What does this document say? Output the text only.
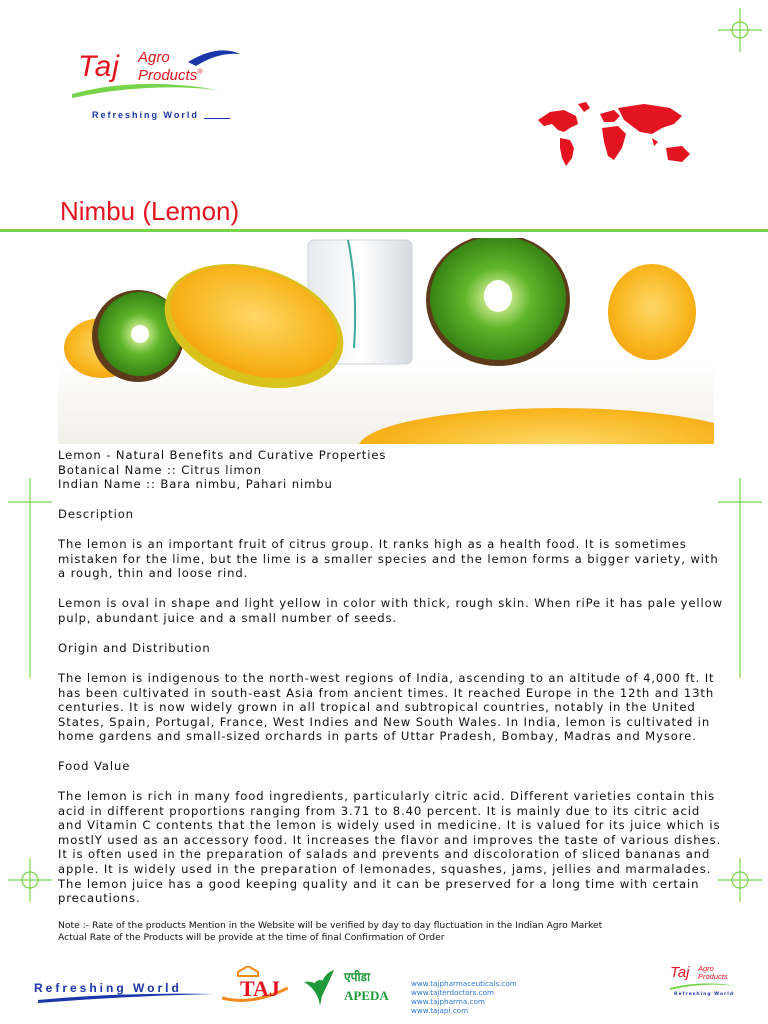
Taj Agro
Products®
Refreshing World
Nimbu (Lemon)

Lemon - Natural Benefits and Curative Properties

Botanical Name :: Citrus limon

Indian Name :: Bara nimbu, Pahari nimbu

Description
The lemon is an important fruit of citrus group. It ranks high as a health food. It is sometimes mistaken for the lime, but the lime is a smaller species and the lemon forms a bigger variety, with a rough, thin and loose rind.
Lemon is oval in shape and light yellow in color with thick, rough skin. When riPe it has pale yellow pulp, abundant juice and a small number of seeds.
Origin and Distribution
The lemon is indigenous to the north-west regions of India, ascending to an altitude of 4,000 ft. It has been cultivated in south-east Asia from ancient times. It reached Europe in the 12th and 13th centuries. It is now widely grown in all tropical and subtropical countries, notably in the United States, Spain, Portugal, France, West Indies and New South Wales. In India, lemon is cultivated in home gardens and small-sized orchards in parts of Uttar Pradesh, Bombay, Madras and Mysore.
Food Value
The lemon is rich in many food ingredients, particularly citric acid. Different varieties contain this acid in different proportions ranging from 3.71 to 8.40 percent. It is mainly due to its citric acid and Vitamin C contents that the lemon is widely used in medicine. It is valued for its juice which is mostlY used as an accessory food. It increases the flavor and improves the taste of various dishes. It is often used in the preparation of salads and prevents and discoloration of sliced bananas and apple. It is widely used in the preparation of lemonades, squashes, jams, jellies and marmalades. The lemon juice has a good keeping quality and it can be preserved for a long time with certain precautions.
Note :- Rate of the products Mention in the Website will be verified by day to day fluctuation in the Indian Agro Market
Actual Rate of the Products will be provide at the time of final Confirmation of Order
Refreshing World	TAJ	एपीडा
APEDA
www.tajpharmaceuticals.com
www.tajterdoctors.com
www.tajpharma.com
www.tajapi.com
Taj Agro
Products
Refreshing World
